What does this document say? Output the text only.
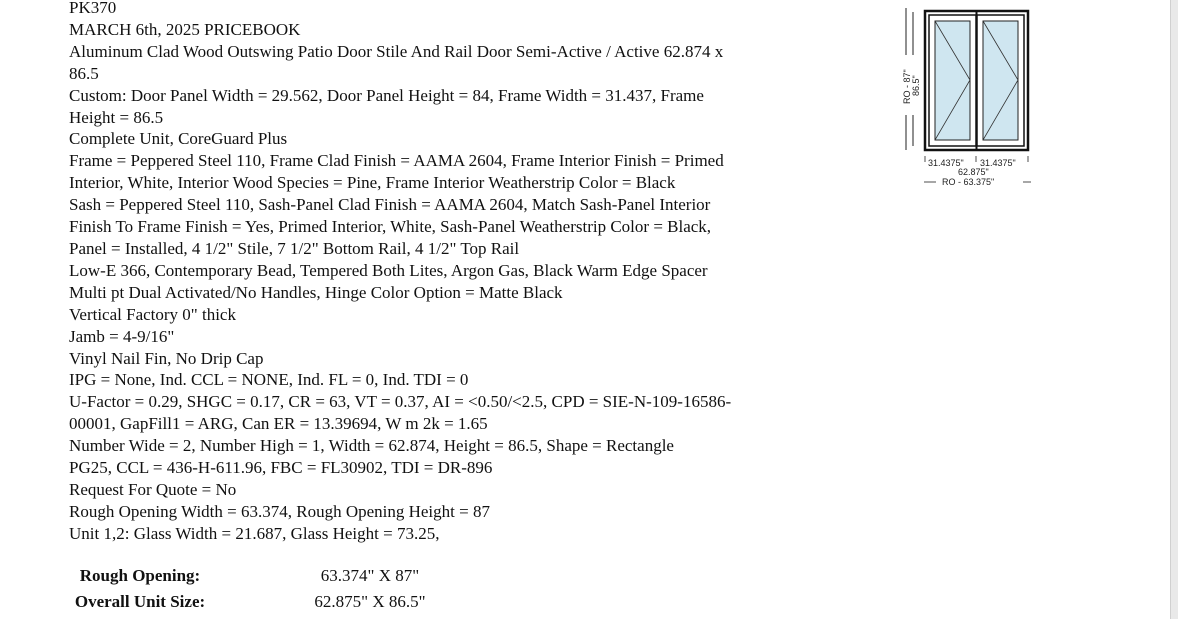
PK370
MARCH 6th, 2025 PRICEBOOK
Aluminum Clad Wood Outswing Patio Door Stile And Rail Door Semi-Active / Active 62.874 x
86.5
Custom: Door Panel Width = 29.562, Door Panel Height = 84, Frame Width = 31.437, Frame
Height = 86.5
Complete Unit, CoreGuard Plus
Frame = Peppered Steel 110, Frame Clad Finish = AAMA 2604, Frame Interior Finish = Primed
Interior, White, Interior Wood Species = Pine, Frame Interior Weatherstrip Color = Black
Sash = Peppered Steel 110, Sash-Panel Clad Finish = AAMA 2604, Match Sash-Panel Interior
Finish To Frame Finish = Yes, Primed Interior, White, Sash-Panel Weatherstrip Color = Black,
Panel = Installed, 4 1/2" Stile, 7 1/2" Bottom Rail, 4 1/2" Top Rail
Low-E 366, Contemporary Bead, Tempered Both Lites, Argon Gas, Black Warm Edge Spacer
Multi pt Dual Activated/No Handles, Hinge Color Option = Matte Black
Vertical Factory 0" thick
Jamb = 4-9/16"
Vinyl Nail Fin, No Drip Cap
IPG = None, Ind. CCL = NONE, Ind. FL = 0, Ind. TDI = 0
U-Factor = 0.29, SHGC = 0.17, CR = 63, VT = 0.37, AI = <0.50/<2.5, CPD = SIE-N-109-16586-
00001, GapFill1 = ARG, Can ER = 13.39694, W m 2k = 1.65
Number Wide = 2, Number High = 1, Width = 62.874, Height = 86.5, Shape = Rectangle
PG25, CCL = 436-H-611.96, FBC = FL30902, TDI = DR-896
Request For Quote = No
Rough Opening Width = 63.374, Rough Opening Height = 87
Unit 1,2: Glass Width = 21.687, Glass Height = 73.25,
Rough Opening:	63.374" X 87"
Overall Unit Size:	62.875" X 86.5"
RO - 87" 86.5"
31.4375" 31.4375"
62.875"
RO - 63.375"
